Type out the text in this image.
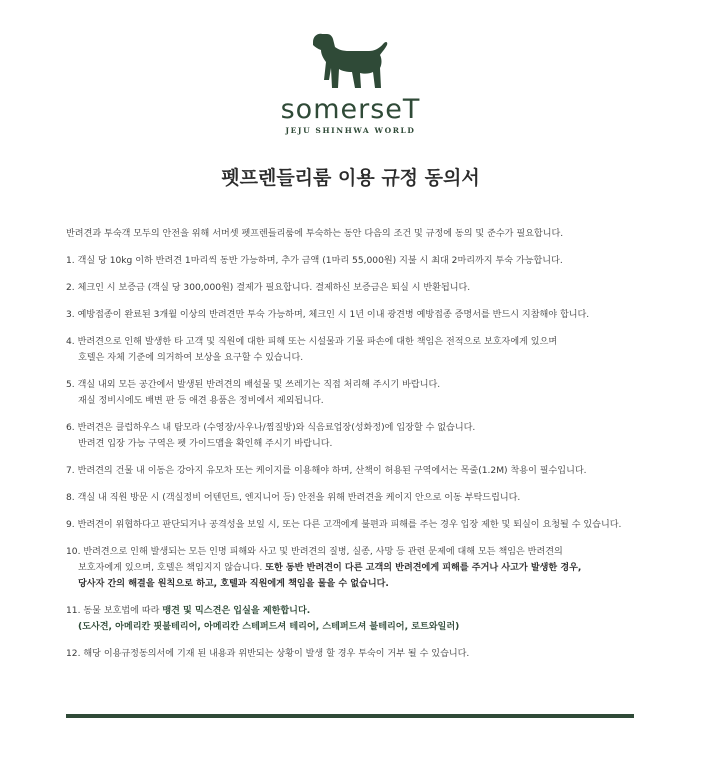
somerseT
JEJU SHINHWA WORLD
펫프렌들리룸 이용 규정 동의서

반려견과 투숙객 모두의 안전을 위해 서머셋 펫프렌들리룸에 투숙하는 동안 다음의 조건 및 규정에 동의 및 준수가 필요합니다.

1. 객실 당 10kg 이하 반려견 1마리씩 동반 가능하며, 추가 금액 (1마리 55,000원) 지불 시 최대 2마리까지 투숙 가능합니다.

2. 체크인 시 보증금 (객실 당 300,000원) 결제가 필요합니다. 결제하신 보증금은 퇴실 시 반환됩니다.

3. 예방접종이 완료된 3개월 이상의 반려견만 투숙 가능하며, 체크인 시 1년 이내 광견병 예방접종 증명서를 반드시 지참해야 합니다.

4. 반려견으로 인해 발생한 타 고객 및 직원에 대한 피해 또는 시설물과 기물 파손에 대한 책임은 전적으로 보호자에게 있으며

호텔은 자체 기준에 의거하여 보상을 요구할 수 있습니다.

5. 객실 내외 모든 공간에서 발생된 반려견의 배설물 및 쓰레기는 직접 처리해 주시기 바랍니다.

재실 정비시에도 배변 판 등 애견 용품은 정비에서 제외됩니다.

6. 반려견은 클럽하우스 내 탐모라 (수영장/사우나/찜질방)와 식음료업장(성화정)에 입장할 수 없습니다.

반려견 입장 가능 구역은 펫 가이드맵을 확인해 주시기 바랍니다.

7. 반려견의 건물 내 이동은 강아지 유모차 또는 케이지를 이용해야 하며, 산책이 허용된 구역에서는 목줄(1.2M) 착용이 필수입니다.

8. 객실 내 직원 방문 시 (객실정비 어텐던트, 엔지니어 등) 안전을 위해 반려견을 케이지 안으로 이동 부탁드립니다.

9. 반려견이 위협하다고 판단되거나 공격성을 보일 시, 또는 다른 고객에게 불편과 피해를 주는 경우 입장 제한 및 퇴실이 요청될 수 있습니다.

10. 반려견으로 인해 발생되는 모든 인명 피해와 사고 및 반려견의 질병, 실종, 사망 등 관련 문제에 대해 모든 책임은 반려견의

보호자에게 있으며, 호텔은 책임지지 않습니다. 또한 동반 반려견이 다른 고객의 반려견에게 피해를 주거나 사고가 발생한 경우,

당사자 간의 해결을 원칙으로 하고, 호텔과 직원에게 책임을 물을 수 없습니다.

11. 동물 보호법에 따라 맹견 및 믹스견은 입실을 제한합니다.

(도사견, 아메리칸 핏불테리어, 아메리칸 스테퍼드셔 테리어, 스테퍼드셔 불테리어, 로트와일러)

12. 해당 이용규정동의서에 기재 된 내용과 위반되는 상황이 발생 할 경우 투숙이 거부 될 수 있습니다.
